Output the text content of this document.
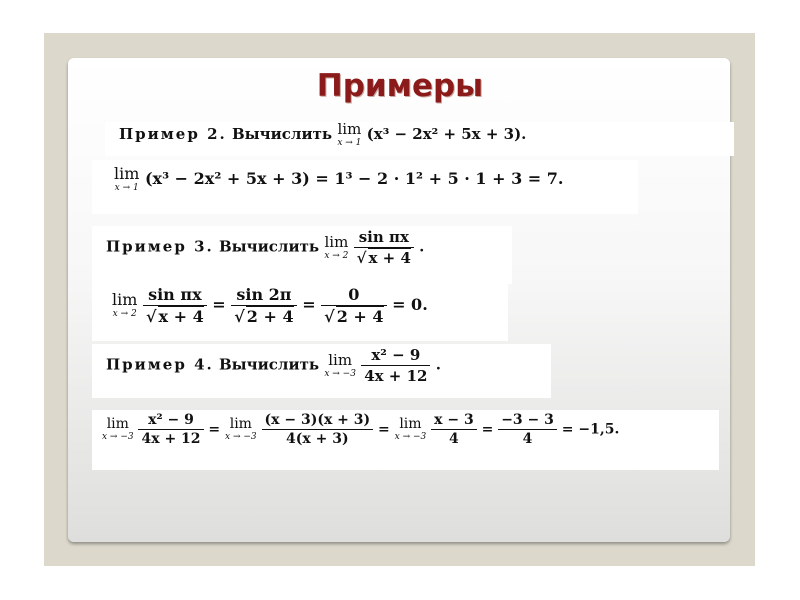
Примеры
Пример 2. Вычислить lim
x → 1 (x³ − 2x² + 5x + 3).
lim
x → 1 (x³ − 2x² + 5x + 3) = 1³ − 2 · 1² + 5 · 1 + 3 = 7.
Пример 3. Вычислить lim
x → 2
$\frac{\text{sin πx}}{√ x + 4}$ .
lim
x → 2
$\frac{\text{sin πx}}{√ x + 4} = \frac{\sin 2\pi}{√ 2 + 4} = \frac{0}{√ 2 + 4} = 0$.
Пример 4. Вычислить lim
x → −3
$\frac{\text{x² − 9}}{4x + 12}$ .
lim
x → −3
$\frac{\text{x² − 9}}{4x + 12} = \lim$
x → −3
$\frac{(x - 3)(x + 3)}{4(x + 3)} = \lim$
x → −3
$\frac{x - 3}{4} = \frac{-3 - 3}{4} = -1,5$.
